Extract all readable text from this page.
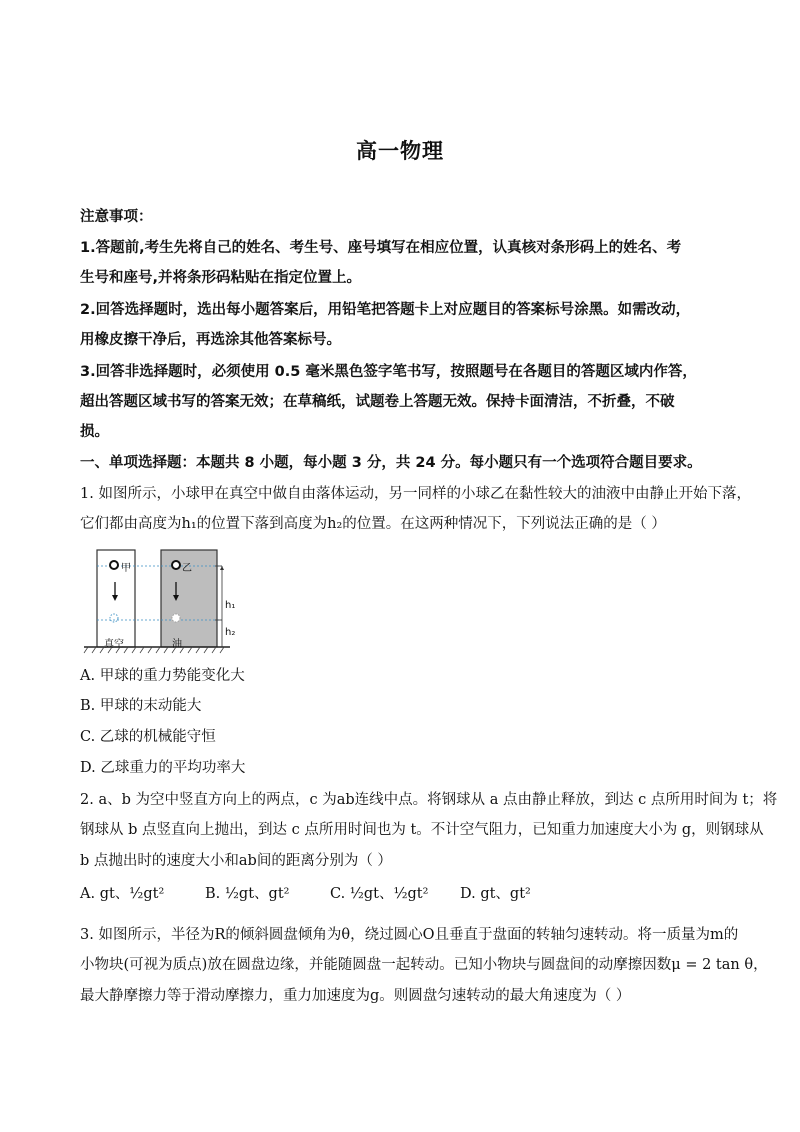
高一物理
注意事项：
1.答题前,考生先将自己的姓名、考生号、座号填写在相应位置，认真核对条形码上的姓名、考
生号和座号,并将条形码粘贴在指定位置上。
2.回答选择题时，选出每小题答案后，用铅笔把答题卡上对应题目的答案标号涂黑。如需改动，
用橡皮擦干净后，再选涂其他答案标号。
3.回答非选择题时，必须使用 0.5 毫米黑色签字笔书写，按照题号在各题目的答题区域内作答，
超出答题区域书写的答案无效；在草稿纸，试题卷上答题无效。保持卡面清洁，不折叠，不破
损。
一、单项选择题：本题共 8 小题，每小题 3 分，共 24 分。每小题只有一个选项符合题目要求。
1. 如图所示，小球甲在真空中做自由落体运动，另一同样的小球乙在黏性较大的油液中由静止开始下落，
它们都由高度为h₁的位置下落到高度为h₂的位置。在这两种情况下，下列说法正确的是（ ）
甲	乙
真空	油
h₁
h₂
A. 甲球的重力势能变化大
B. 甲球的末动能大
C. 乙球的机械能守恒
D. 乙球重力的平均功率大
2. a、b 为空中竖直方向上的两点，c 为ab连线中点。将钢球从 a 点由静止释放，到达 c 点所用时间为 t；将
钢球从 b 点竖直向上抛出，到达 c 点所用时间也为 t。不计空气阻力，已知重力加速度大小为 g，则钢球从
b 点抛出时的速度大小和ab间的距离分别为（ ）
A. gt、½gt²	B. ½gt、gt²	C. ½gt、½gt² D. gt、gt²
3. 如图所示，半径为R的倾斜圆盘倾角为θ，绕过圆心O且垂直于盘面的转轴匀速转动。将一质量为m的
小物块(可视为质点)放在圆盘边缘，并能随圆盘一起转动。已知小物块与圆盘间的动摩擦因数μ = 2 tan θ，
最大静摩擦力等于滑动摩擦力，重力加速度为g。则圆盘匀速转动的最大角速度为（ ）
